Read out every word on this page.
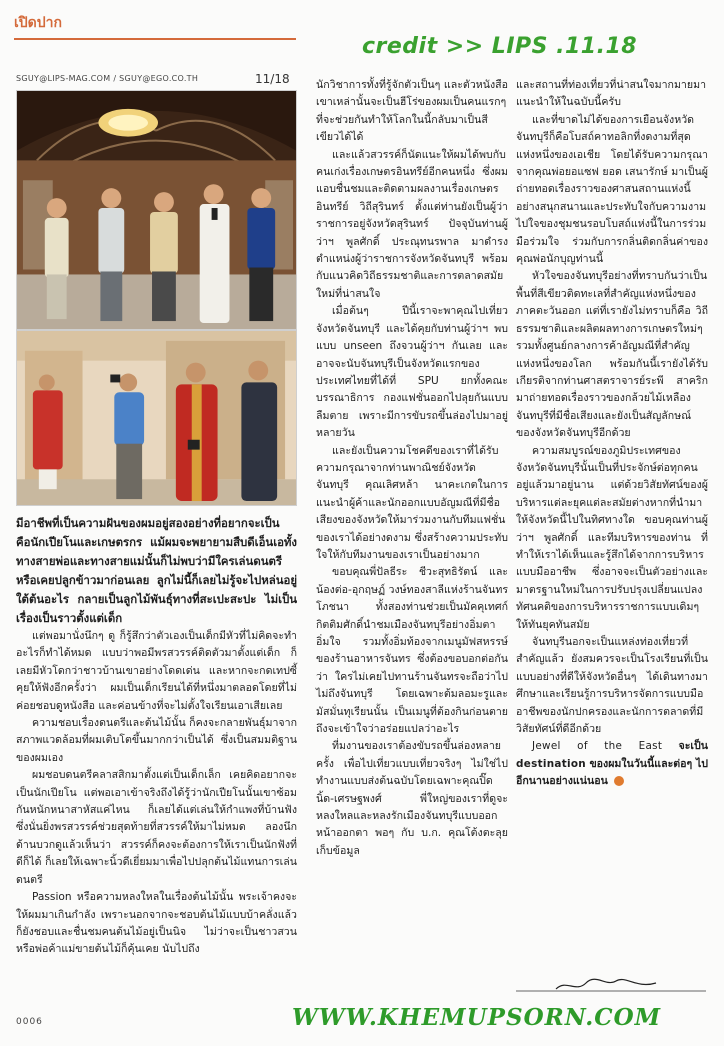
เปิดปาก
credit >> LIPS .11.18
SGUY@LIPS-MAG.COM / SGUY@EGO.CO.TH	11/18

มีอาชีพที่เป็นความฝันของผมอยู่สองอย่างที่อยากจะเป็น คือนักเปียโนและเกษตรกร แม้ผมจะพยายามสืบดีเอ็นเอทั้งทางสายพ่อและทางสายแม่นั้นก็ไม่พบว่ามีใครเล่นดนตรีหรือเคยปลูกข้าวมาก่อนเลย ลูกไม่นี้ก็เลยไม่รู้จะไปหล่นอยู่ใต้ต้นอะไร กลายเป็นลูกไม้พันธุ์ทางที่สะเปะสะปะ ไม่เป็นเรื่องเป็นราวตั้งแต่เด็ก

แต่พอมานั่งนึกๆ ดู ก็รู้สึกว่าตัวเองเป็นเด็กมีหัวที่ไม่คิดจะทำอะไรก็ทำได้หมด แบบว่าพอมีพรสวรรค์ติดตัวมาตั้งแต่เด็ก ก็เลยมีหัวโดกว่าชาวบ้านเขาอย่างโดดเด่น และหากจะกดเทปซี้คุยให้ฟังอีกครั้งว่า ผมเป็นเด็กเรียนได้ที่หนึ่งมาตลอดโดยที่ไม่ค่อยชอบดูหนังสือ และค่อนข้างที่จะไม่ตั้งใจเรียนเอาเสียเลย

ความชอบเรื่องดนตรีและต้นไม้นั้น ก็คงจะกลายพันธุ์มาจากสภาพแวดล้อมที่ผมเติบโตขึ้นมากกว่าเป็นได้ ซึ่งเป็นสมมติฐานของผมเอง

ผมชอบดนตรีคลาสสิกมาตั้งแต่เป็นเด็กเล็ก เคยคิดอยากจะเป็นนักเปียโน แต่พอเอาเข้าจริงถึงได้รู้ว่านักเปียโนนั้นเขาซ้อมกันหนักหนาสาหัสแค่ไหน ก็เลยได้แต่เล่นให้กำแพงที่บ้านฟัง ซึ่งนั่นยิ่งพรสวรรค์ช่วยสุดท้ายที่สวรรค์ให้มาไม่หมด ลองนึกด้านบวกดูแล้วเห็นว่า สวรรค์ก็คงจะต้องการให้เราเป็นนักฟังที่ดีก็ได้ ก็เลยให้เฉพาะนิ้วดีเยี่ยมมาเพื่อไปปลุกต้นไม้แทนการเล่นดนตรี

Passion หรือความหลงใหลในเรื่องต้นไม้นั้น พระเจ้าคงจะให้ผมมาเกินกำลัง เพราะนอกจากจะชอบต้นไม้แบบบ้าคลั่งแล้ว ก็ยังชอบและชื่นชมคนต้นไม้อยู่เป็นนิจ ไม่ว่าจะเป็นชาวสวนหรือพ่อค้าแม่ขายต้นไม้ก็คุ้นเคย นับไปถึง

นักวิชาการทั้งที่รู้จักตัวเป็นๆ และตัวหนังสือ เขาเหล่านั้นจะเป็นฮีโร่ของผมเป็นคนแรกๆ ที่จะช่วยกันทำให้โลกในนี้กลับมาเป็นสีเขียวได้ได้

และแล้วสวรรค์ก็นัดแนะให้ผมได้พบกับคนเก่งเรื่องเกษตรอินทรีย์อีกคนหนึ่ง ซึ่งผมแอบชื่นชมและติดตามผลงานเรื่องเกษตรอินทรีย์ วิถีสุรินทร์ ตั้งแต่ท่านยังเป็นผู้ว่าราชการอยู่จังหวัดสุรินทร์ ปัจจุบันท่านผู้ว่าฯ พูลศักดิ์ ประณุทนรพาล มาดำรงตำแหน่งผู้ว่าราชการจังหวัดจันทบุรี พร้อมกับแนวคิดวิถีธรรมชาติและการตลาดสมัยใหม่ที่น่าสนใจ

เมื่อต้นๆ ปีนี้เราจะพาคุณไปเที่ยวจังหวัดจันทบุรี และได้คุยกับท่านผู้ว่าฯ พบแบบ unseen ถึงจวนผู้ว่าฯ กันเลย และอาจจะนับจันทบุรีเป็นจังหวัดแรกของประเทศไทยที่ได้ที่ SPU ยกทั้งคณะบรรณาธิการ กองแฟชั่นออกไปลุยกันแบบลืมตาย เพราะมีการขับรถขึ้นล่องไปมาอยู่หลายวัน

และยังเป็นความโชคดีของเราที่ได้รับความกรุณาจากท่านพาณิชย์จังหวัดจันทบุรี คุณเลิศหล้า นาคะเกตในการแนะนำผู้ค้าและนักออกแบบอัญมณีที่มีชื่อเสียงของจังหวัดให้มาร่วมงานกับทีมแฟชั่นของเราได้อย่างดงาม ซึ่งสร้างความประทับใจให้กับทีมงานของเราเป็นอย่างมาก

ขอบคุณพี่ปัลธีระ ชีวะสุทธิรัตน์ และน้องต่อ-อุกฤษฏ์ วงษ์ทองสาลีแห่งร้านจันทรโภชนา ทั้งสองท่านช่วยเป็นมัคคุเทศก์กิตติมศักดิ์นำชมเมืองจันทบุรีอย่างอิ่มตาอิ่มใจ รวมทั้งอิ่มท้องจากเมนูมัฟสหรรษ์ของร้านอาหารจันทร ซึ่งต้องขอบอกต่อกันว่า ใครไม่เคยไปทานร้านจันทรจะถือว่าไปไม่ถึงจันทบุรี โดยเฉพาะต้มลอมะรูและมัสมั่นทุเรียนนั้น เป็นเมนูที่ต้องกินก่อนตายถึงจะเข้าใจว่าอร่อยแปลว่าอะไร

ที่มงานของเราต้องขับรถขึ้นล่องหลายครั้ง เพื่อไปเที่ยวแบบเที่ยวจริงๆ ไม่ใช่ไปทำงานแบบส่งต้นฉบับโดยเฉพาะคุณปิ๊ดนิ้ด-เศรษฐพงศ์ พี่ใหญ่ของเราที่ดูจะหลงใหลและหลงรักเมืองจันทบุรีแบบออกหน้าออกตา พอๆ กับ บ.ก. คุณโต้งตะลุยเก็บข้อมูล

และสถานที่ท่องเที่ยวที่น่าสนใจมากมายมาแนะนำให้ในฉบับนี้ครับ

และที่ขาดไม่ได้ของการเยือนจังหวัดจันทบุรีก็คือโบสถ์คาทอลิกที่งดงามที่สุดแห่งหนึ่งของเอเชีย โดยได้รับความกรุณาจากคุณพ่อยอแซฟ ยอด เสนารักษ์ มาเป็นผู้ถ่ายทอดเรื่องราวของศาสนสถานแห่งนี้อย่างสนุกสนานและประทับใจกับความงามไปใจของชุมชนรอบโบสถ์แห่งนี้ในการร่วมมือร่วมใจ ร่วมกับการกลิ่นติดกลิ่นค่าของคุณพ่อนักบุญท่านนี้

หัวใจของจันทบุรีอย่างที่ทราบกันว่าเป็นพื้นที่สีเขียวติดทะเลที่สำคัญแห่งหนึ่งของภาคตะวันออก แต่ที่เรายังไม่ทราบก็คือ วิถีธรรมชาติและผลิตผลทางการเกษตรใหม่ๆ รวมทั้งศูนย์กลางการค้าอัญมณีที่สำคัญแห่งหนึ่งของโลก พร้อมกันนี้เรายังได้รับเกียรติจากท่านศาสตราจารย์ระพี สาคริก มาถ่ายทอดเรื่องราวของกล้วยไม้เหลืองจันทบุรีที่มีชื่อเสียงและยังเป็นสัญลักษณ์ของจังหวัดจันทบุรีอีกด้วย

ความสมบูรณ์ของภูมิประเทศของจังหวัดจันทบุรีนั้นเป็นที่ประจักษ์ต่อทุกคนอยู่แล้วมาอยู่นาน แต่ด้วยวิสัยทัศน์ของผู้บริหารแต่ละยุคแต่ละสมัยต่างหากที่นำมาให้จังหวัดนี้ไปในทิศทางใด ขอบคุณท่านผู้ว่าฯ พูลศักดิ์ และทีมบริหารของท่าน ที่ทำให้เราได้เห็นและรู้สึกได้จากการบริหารแบบมืออาชีพ ซึ่งอาจจะเป็นตัวอย่างและมาตรฐานใหม่ในการปรับปรุงเปลี่ยนแปลงทัศนคติของการบริหารราชการแบบเดิมๆ ให้ทันยุคทันสมัย

จันทบุรีนอกจะเป็นแหล่งท่องเที่ยวที่สำคัญแล้ว ยังสมควรจะเป็นโรงเรียนที่เป็นแบบอย่างที่ดีให้จังหวัดอื่นๆ ได้เดินทางมาศึกษาและเรียนรู้การบริหารจัดการแบบมืออาชีพของนักปกครองและนักการตลาดที่มีวิสัยทัศน์ที่ดีอีกด้วย

Jewel of the East จะเป็น destination ของผมในวันนี้และต่อๆ ไปอีกนานอย่างแน่นอน

0006	WWW.KHEMUPSORN.COM
